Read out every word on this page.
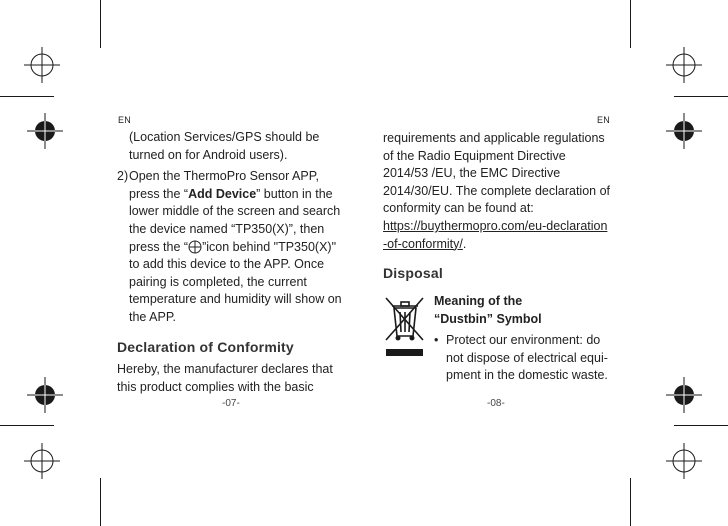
EN
(Location Services/GPS should be turned on for Android users).
2) Open the ThermoPro Sensor APP, press the “Add Device” button in the lower middle of the screen and search the device named “TP350(X)”, then press the “ ”icon behind "TP350(X)" to add this device to the APP. Once pairing is completed, the current temperature and humidity will show on the APP.
Declaration of Conformity
Hereby, the manufacturer declares that this product complies with the basic
-07-
EN
requirements and applicable regulations of the Radio Equipment Directive 2014/53 /EU, the EMC Directive 2014/30/EU. The complete declaration of conformity can be found at:
https://buythermopro.com/eu-declaration -of-conformity/.
Disposal
Meaning of the “Dustbin” Symbol
• Protect our environment: do not dispose of electrical equi- pment in the domestic waste.
-08-
